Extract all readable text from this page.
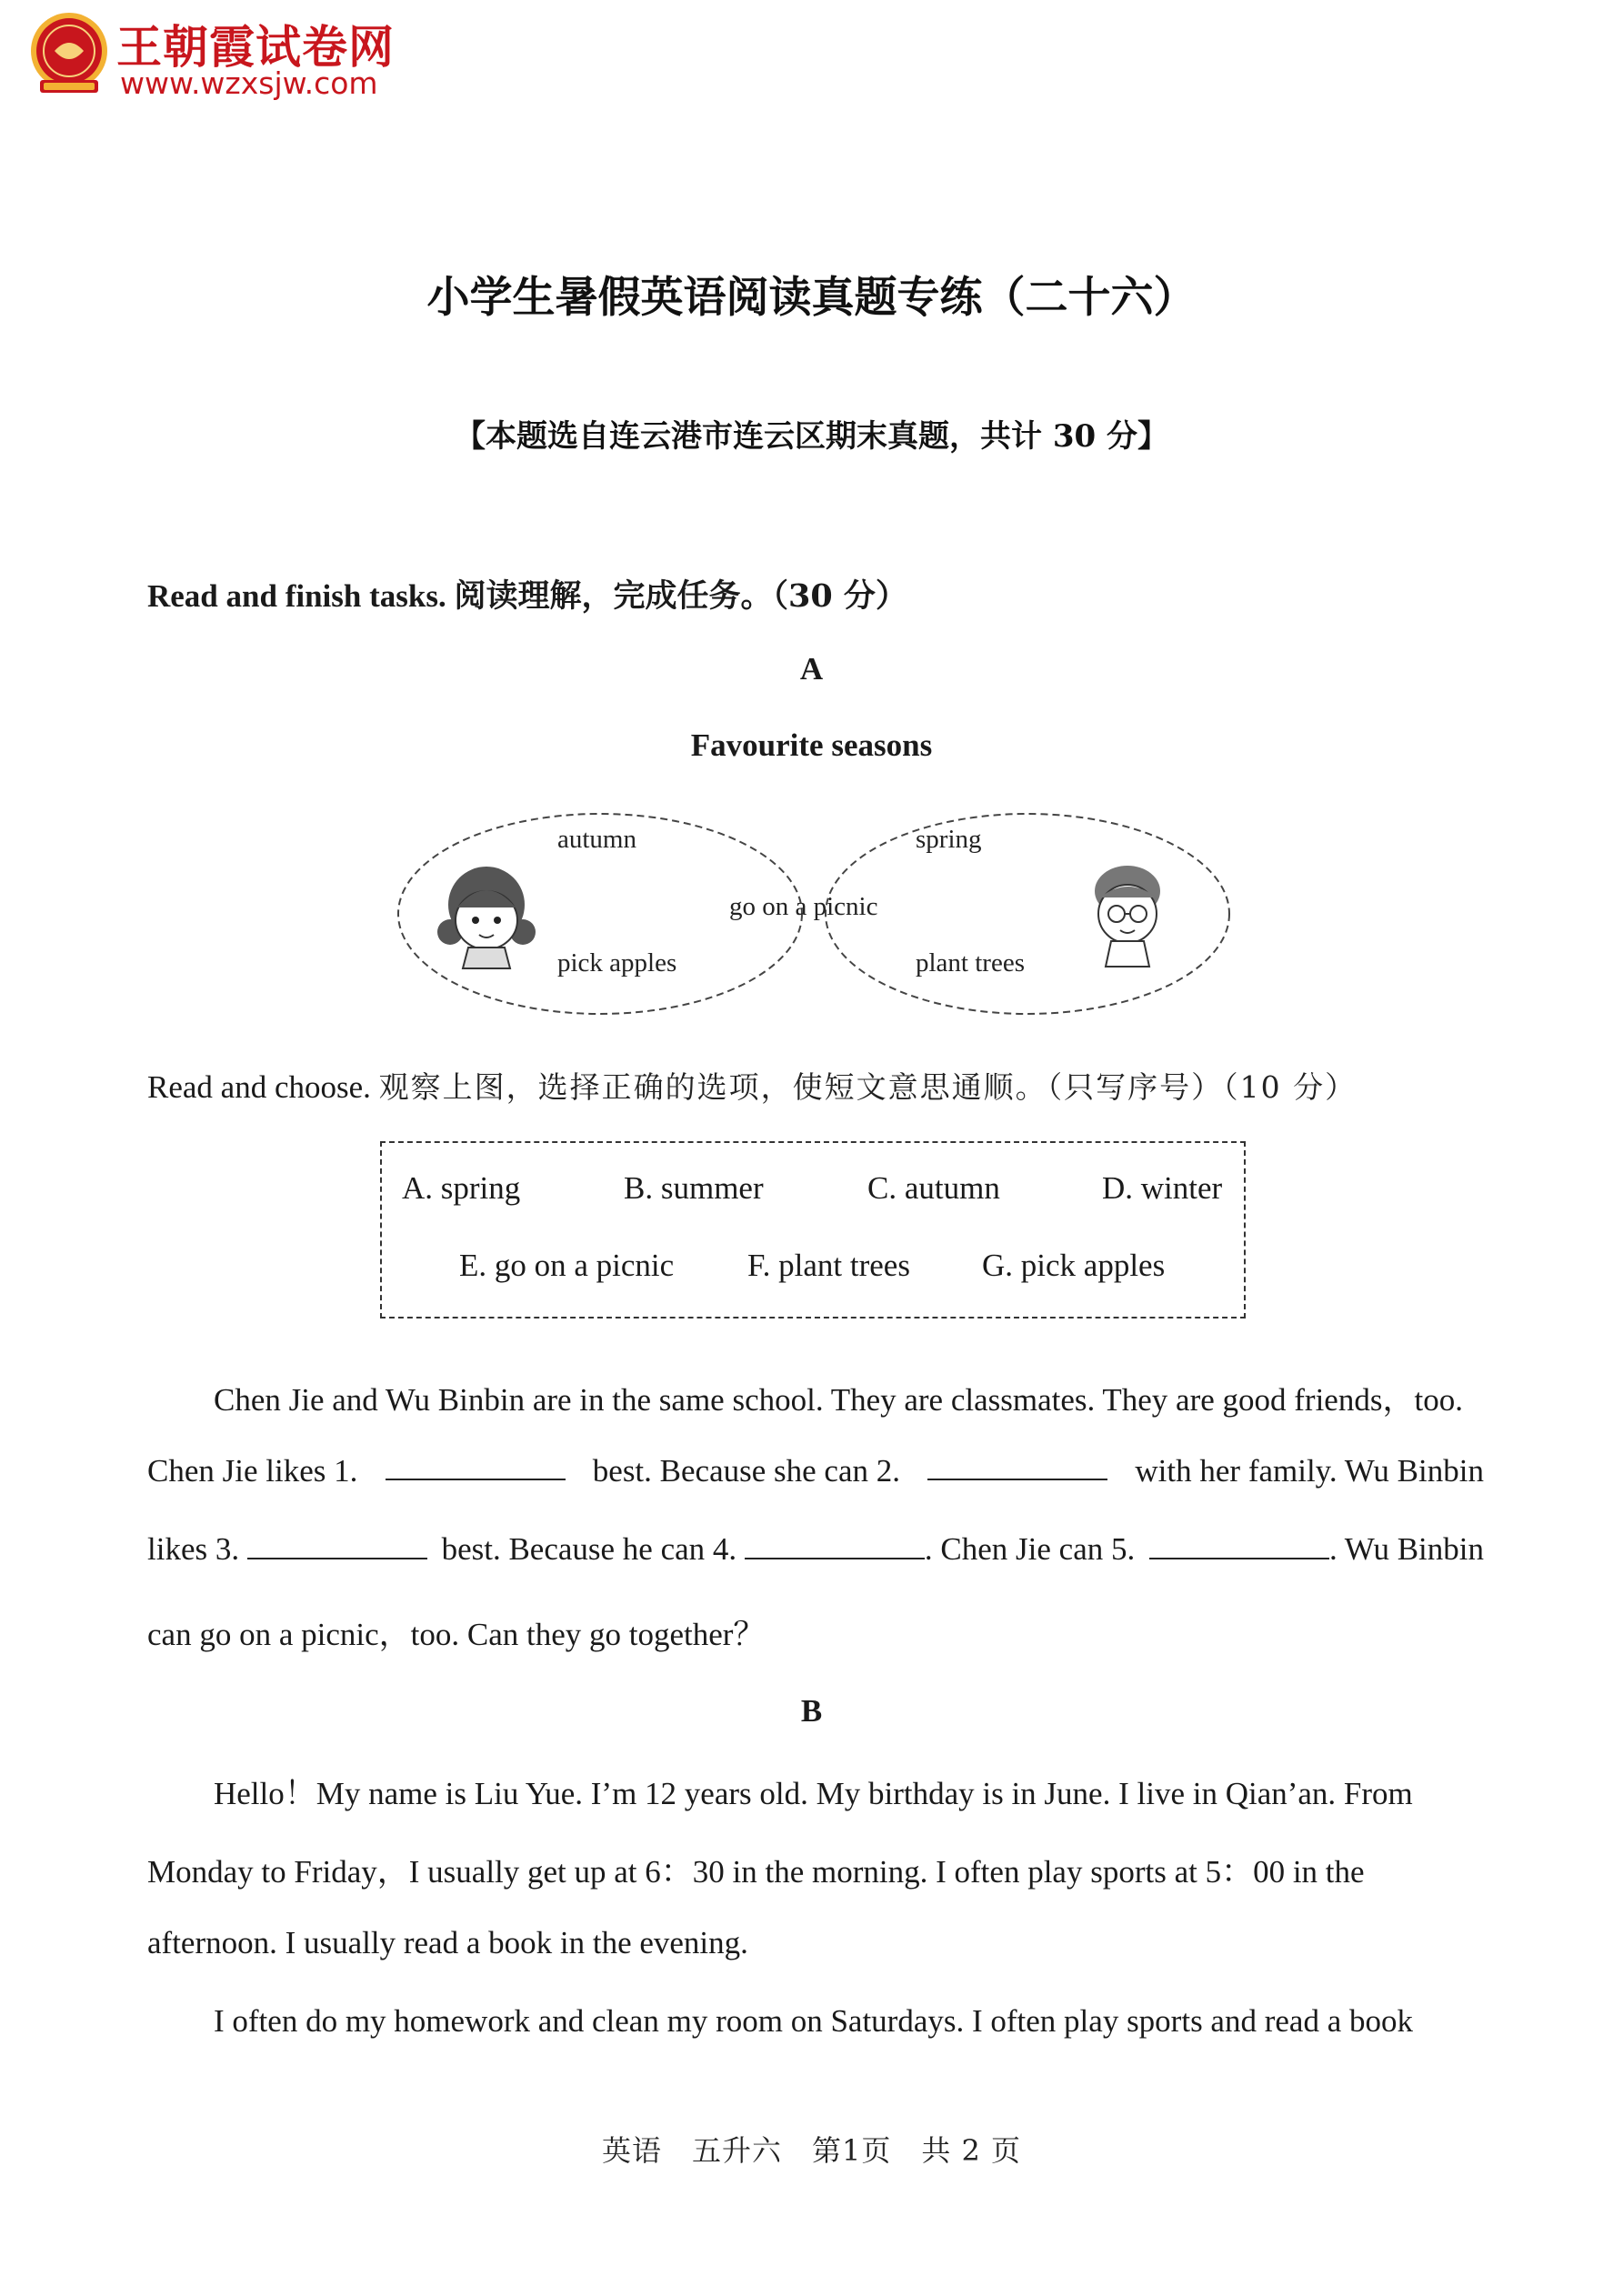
王朝霞试卷网
www.wzxsjw.com
小学生暑假英语阅读真题专练（二十六）
【本题选自连云港市连云区期末真题，共计 30 分】
Read and finish tasks. 阅读理解，完成任务。（30 分）
A
Favourite seasons
autumn
pick apples
go on a picnic
spring
plant trees
Read and choose. 观察上图，选择正确的选项，使短文意思通顺。（只写序号）（10 分）
A. spring	B. summer	C. autumn	D. winter
E. go on a picnic F. plant trees G. pick apples
Chen Jie and Wu Binbin are in the same school. They are classmates. They are good friends，too.
Chen Jie likes 1.	best. Because she can 2.	with her family. Wu Binbin
likes 3.	best. Because he can 4.	. Chen Jie can 5.	. Wu Binbin
can go on a picnic，too. Can they go together？
B
Hello！My name is Liu Yue. I’m 12 years old. My birthday is in June. I live in Qian’an. From
Monday to Friday，I usually get up at 6：30 in the morning. I often play sports at 5：00 in the
afternoon. I usually read a book in the evening.
I often do my homework and clean my room on Saturdays. I often play sports and read a book
英语　五升六　第1页　共 2 页
